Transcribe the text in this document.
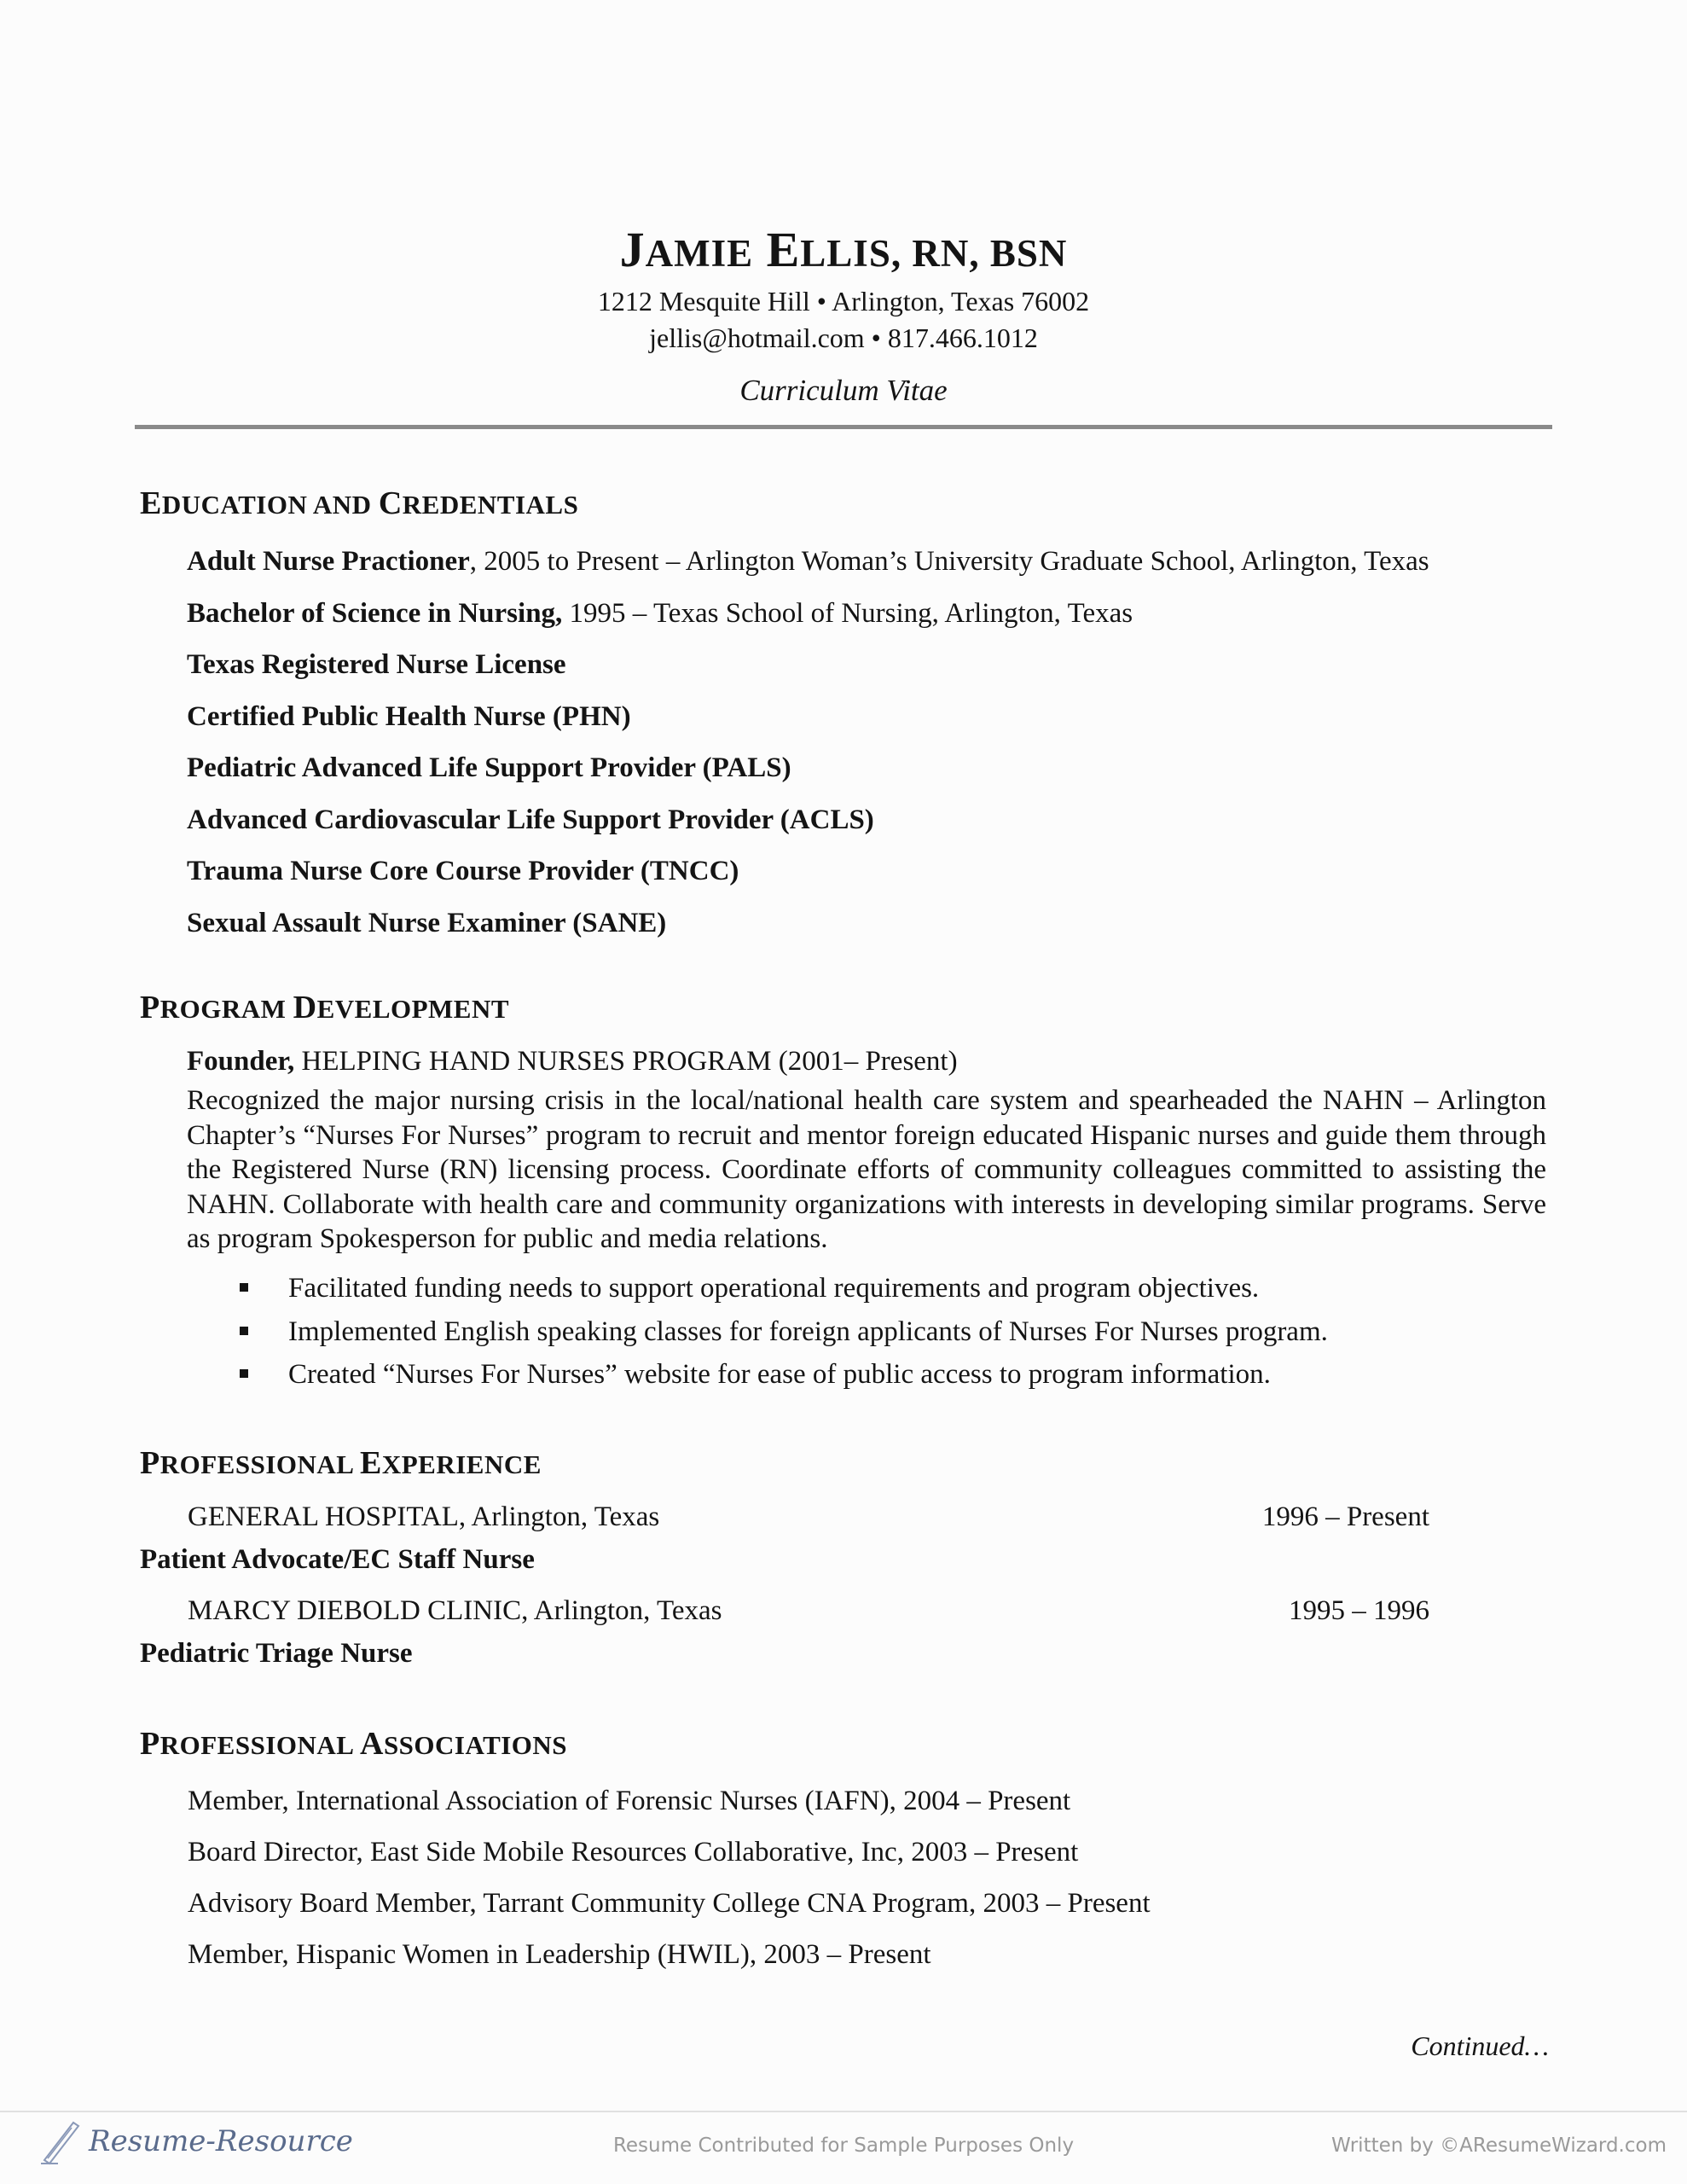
JAMIE ELLIS, RN, BSN
1212 Mesquite Hill • Arlington, Texas 76002
jellis@hotmail.com • 817.466.1012
Curriculum Vitae
EDUCATION AND CREDENTIALS
Adult Nurse Practioner, 2005 to Present – Arlington Woman’s University Graduate School, Arlington, Texas
Bachelor of Science in Nursing, 1995 – Texas School of Nursing, Arlington, Texas
Texas Registered Nurse License
Certified Public Health Nurse (PHN)
Pediatric Advanced Life Support Provider (PALS)
Advanced Cardiovascular Life Support Provider (ACLS)
Trauma Nurse Core Course Provider (TNCC)
Sexual Assault Nurse Examiner (SANE)
PROGRAM DEVELOPMENT
Founder, HELPING HAND NURSES PROGRAM (2001– Present)
Recognized the major nursing crisis in the local/national health care system and spearheaded the NAHN – Arlington Chapter’s “Nurses For Nurses” program to recruit and mentor foreign educated Hispanic nurses and guide them through the Registered Nurse (RN) licensing process. Coordinate efforts of community colleagues committed to assisting the NAHN. Collaborate with health care and community organizations with interests in developing similar programs. Serve as program Spokesperson for public and media relations.
Facilitated funding needs to support operational requirements and program objectives.
Implemented English speaking classes for foreign applicants of Nurses For Nurses program.
Created “Nurses For Nurses” website for ease of public access to program information.
PROFESSIONAL EXPERIENCE
GENERAL HOSPITAL, Arlington, Texas	1996 – Present
Patient Advocate/EC Staff Nurse
MARCY DIEBOLD CLINIC, Arlington, Texas	1995 – 1996
Pediatric Triage Nurse
PROFESSIONAL ASSOCIATIONS
Member, International Association of Forensic Nurses (IAFN), 2004 – Present
Board Director, East Side Mobile Resources Collaborative, Inc, 2003 – Present
Advisory Board Member, Tarrant Community College CNA Program, 2003 – Present
Member, Hispanic Women in Leadership (HWIL), 2003 – Present
Continued…
Resume-Resource	Resume Contributed for Sample Purposes Only	Written by ©AResumeWizard.com
